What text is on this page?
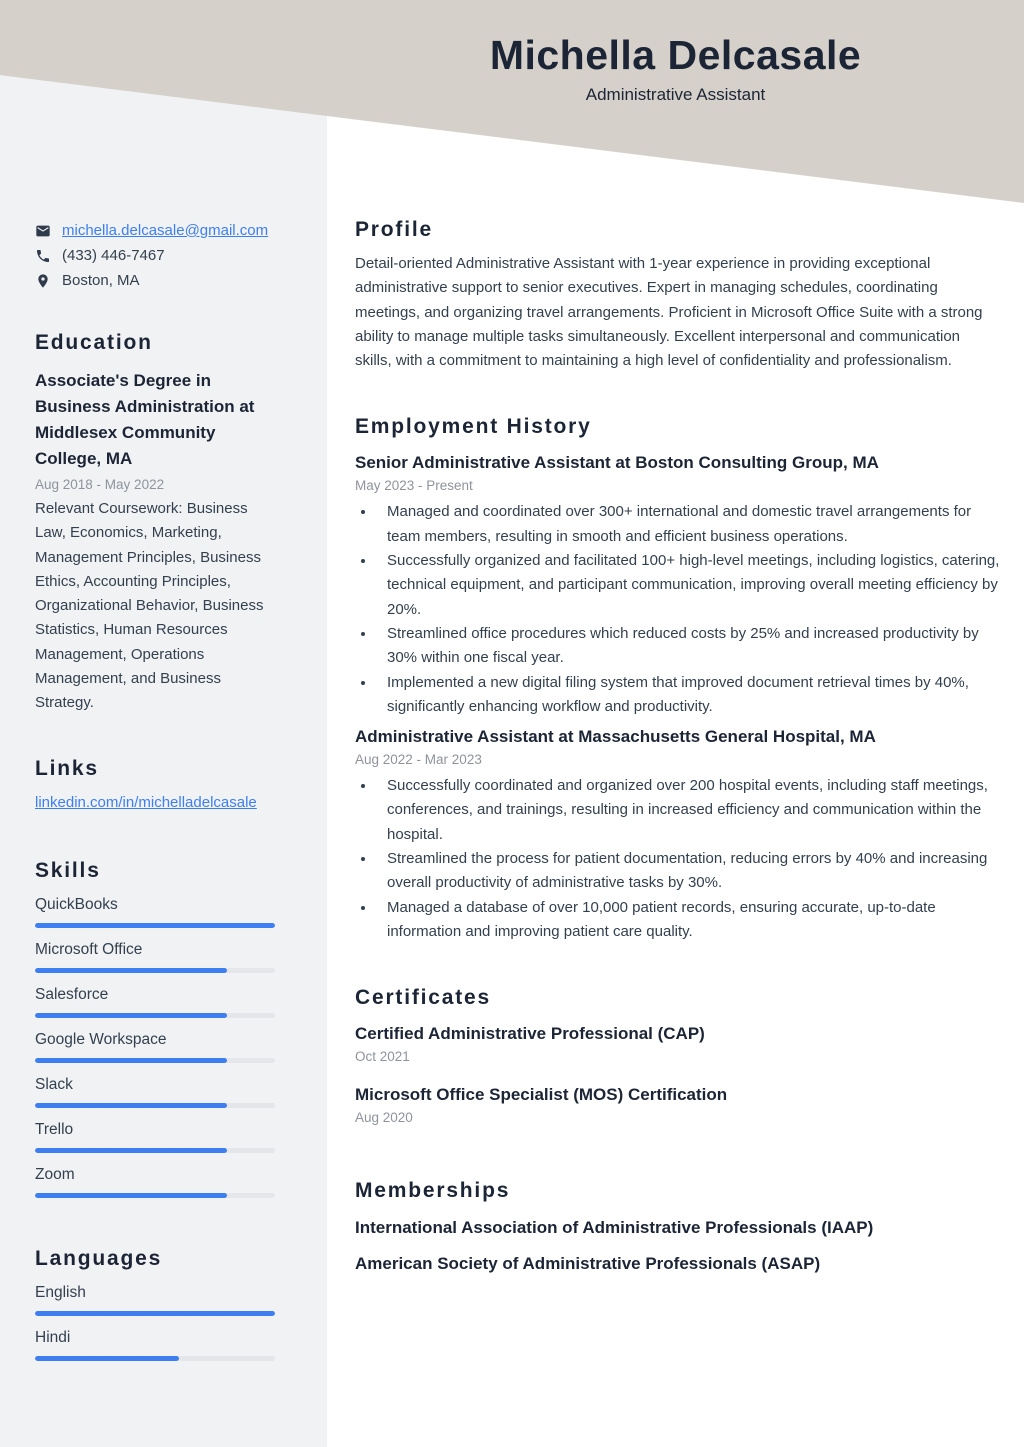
Michella Delcasale
Administrative Assistant
michella.delcasale@gmail.com
(433) 446-7467
Boston, MA
Education
Associate's Degree in Business Administration at Middlesex Community College, MA
Aug 2018 - May 2022
Relevant Coursework: Business Law, Economics, Marketing, Management Principles, Business Ethics, Accounting Principles, Organizational Behavior, Business Statistics, Human Resources Management, Operations Management, and Business Strategy.
Links
linkedin.com/in/michelladelcasale
Skills
QuickBooks
Microsoft Office
Salesforce
Google Workspace
Slack
Trello
Zoom
Languages
English
Hindi
Profile

Detail-oriented Administrative Assistant with 1-year experience in providing exceptional administrative support to senior executives. Expert in managing schedules, coordinating meetings, and organizing travel arrangements. Proficient in Microsoft Office Suite with a strong ability to manage multiple tasks simultaneously. Excellent interpersonal and communication skills, with a commitment to maintaining a high level of confidentiality and professionalism.

Employment History
Senior Administrative Assistant at Boston Consulting Group, MA
May 2023 - Present
• Managed and coordinated over 300+ international and domestic travel arrangements for team members, resulting in smooth and efficient business operations.
• Successfully organized and facilitated 100+ high-level meetings, including logistics, catering, technical equipment, and participant communication, improving overall meeting efficiency by 20%.
• Streamlined office procedures which reduced costs by 25% and increased productivity by 30% within one fiscal year.
• Implemented a new digital filing system that improved document retrieval times by 40%, significantly enhancing workflow and productivity.
Administrative Assistant at Massachusetts General Hospital, MA
Aug 2022 - Mar 2023
• Successfully coordinated and organized over 200 hospital events, including staff meetings, conferences, and trainings, resulting in increased efficiency and communication within the hospital.
• Streamlined the process for patient documentation, reducing errors by 40% and increasing overall productivity of administrative tasks by 30%.
• Managed a database of over 10,000 patient records, ensuring accurate, up-to-date information and improving patient care quality.
Certificates
Certified Administrative Professional (CAP)
Oct 2021
Microsoft Office Specialist (MOS) Certification
Aug 2020
Memberships
International Association of Administrative Professionals (IAAP)
American Society of Administrative Professionals (ASAP)
